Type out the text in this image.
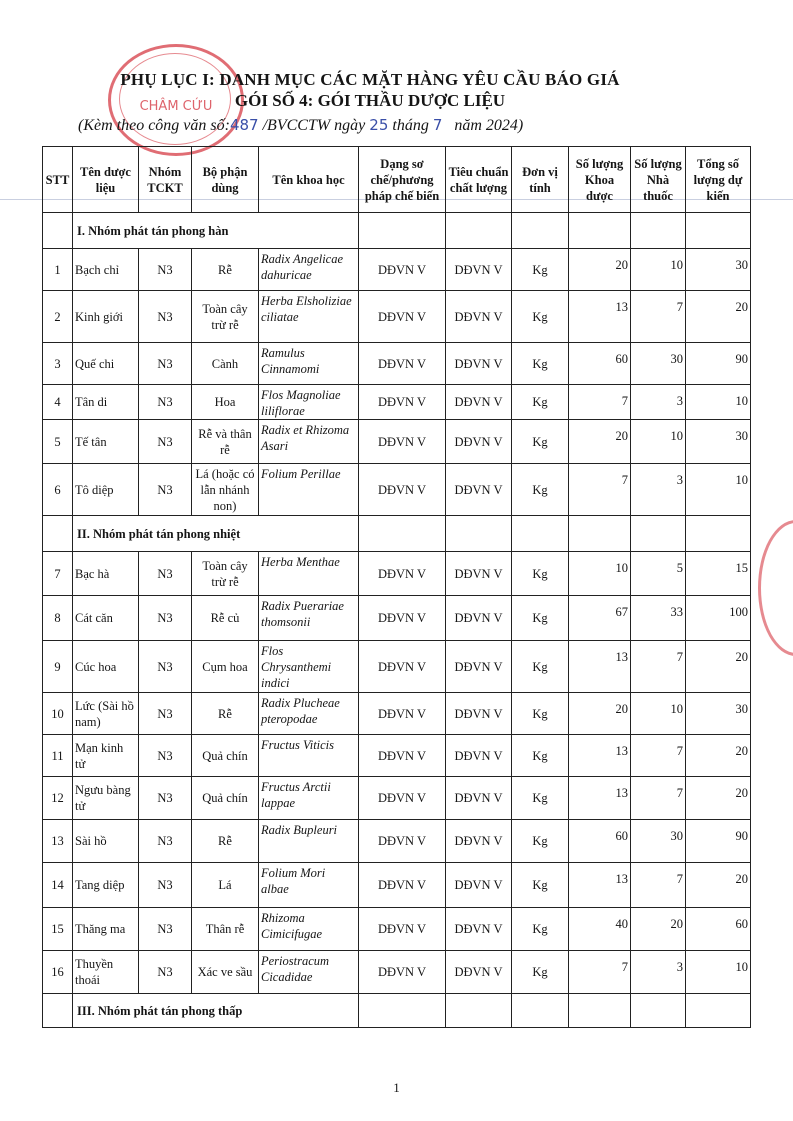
CHÂM CỨU
PHỤ LỤC I: DANH MỤC CÁC MẶT HÀNG YÊU CẦU BÁO GIÁ
GÓI SỐ 4: GÓI THẦU DƯỢC LIỆU
(Kèm theo công văn số:487 /BVCCTW ngày 25 tháng 7 năm 2024)
STT	Tên dược liệu	Nhóm TCKT	Bộ phận dùng	Tên khoa học	Dạng sơ chế/phương pháp chế biến	Tiêu chuẩn chất lượng	Đơn vị tính	Số lượng Khoa dược	Số lượng Nhà thuốc	Tổng số lượng dự kiến
	I. Nhóm phát tán phong hàn									
1	Bạch chỉ	N3	Rễ	Radix Angelicae dahuricae	DĐVN V	DĐVN V	Kg	20	10	30
2	Kinh giới	N3	Toàn cây trừ rễ	Herba Elsholiziae ciliatae	DĐVN V	DĐVN V	Kg	13	7	20
3	Quế chi	N3	Cành	Ramulus Cinnamomi	DĐVN V	DĐVN V	Kg	60	30	90
4	Tân di	N3	Hoa	Flos Magnoliae liliflorae	DĐVN V	DĐVN V	Kg	7	3	10
5	Tế tân	N3	Rễ và thân rễ	Radix et Rhizoma Asari	DĐVN V	DĐVN V	Kg	20	10	30
6	Tô diệp	N3	Lá (hoặc có lẫn nhánh non)	Folium Perillae	DĐVN V	DĐVN V	Kg	7	3	10
	II. Nhóm phát tán phong nhiệt									
7	Bạc hà	N3	Toàn cây trừ rễ	Herba Menthae	DĐVN V	DĐVN V	Kg	10	5	15
8	Cát căn	N3	Rễ củ	Radix Puerariae thomsonii	DĐVN V	DĐVN V	Kg	67	33	100
9	Cúc hoa	N3	Cụm hoa	Flos Chrysanthemi indici	DĐVN V	DĐVN V	Kg	13	7	20
10	Lức (Sài hồ nam)	N3	Rễ	Radix Plucheae pteropodae	DĐVN V	DĐVN V	Kg	20	10	30
11	Mạn kinh tử	N3	Quả chín	Fructus Viticis	DĐVN V	DĐVN V	Kg	13	7	20
12	Ngưu bàng tử	N3	Quả chín	Fructus Arctii lappae	DĐVN V	DĐVN V	Kg	13	7	20
13	Sài hồ	N3	Rễ	Radix Bupleuri	DĐVN V	DĐVN V	Kg	60	30	90
14	Tang diệp	N3	Lá	Folium Mori albae	DĐVN V	DĐVN V	Kg	13	7	20
15	Thăng ma	N3	Thân rễ	Rhizoma Cimicifugae	DĐVN V	DĐVN V	Kg	40	20	60
16	Thuyền thoái	N3	Xác ve sầu	Periostracum Cicadidae	DĐVN V	DĐVN V	Kg	7	3	10
	III. Nhóm phát tán phong thấp									
1
